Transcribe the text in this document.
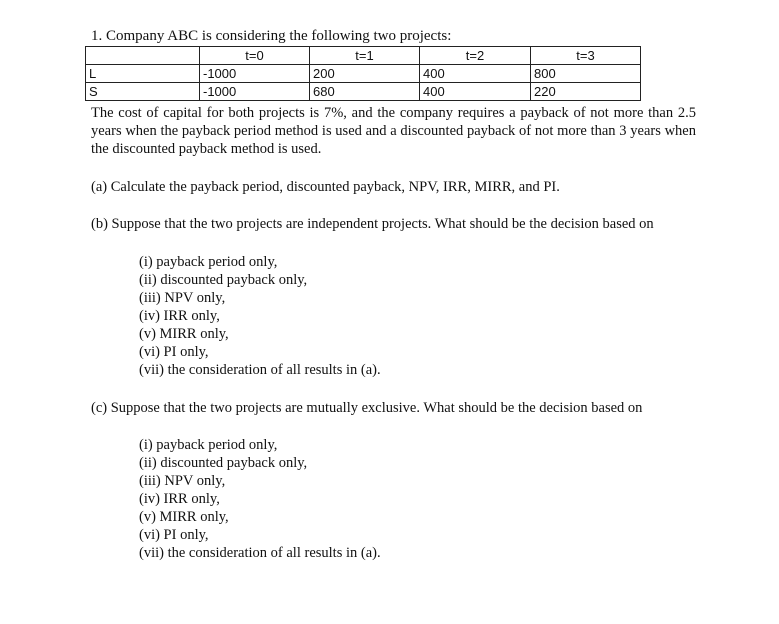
1. Company ABC is considering the following two projects:
	t=0	t=1	t=2	t=3
L	-1000	200	400	800
S	-1000	680	400	220
The cost of capital for both projects is 7%, and the company requires a payback of not more than 2.5 years when the payback period method is used and a discounted payback of not more than 3 years when the discounted payback method is used.
(a) Calculate the payback period, discounted payback, NPV, IRR, MIRR, and PI.
(b) Suppose that the two projects are independent projects. What should be the decision based on
(i) payback period only,
(ii) discounted payback only,
(iii) NPV only,
(iv) IRR only,
(v) MIRR only,
(vi) PI only,
(vii) the consideration of all results in (a).
(c) Suppose that the two projects are mutually exclusive. What should be the decision based on
(i) payback period only,
(ii) discounted payback only,
(iii) NPV only,
(iv) IRR only,
(v) MIRR only,
(vi) PI only,
(vii) the consideration of all results in (a).
